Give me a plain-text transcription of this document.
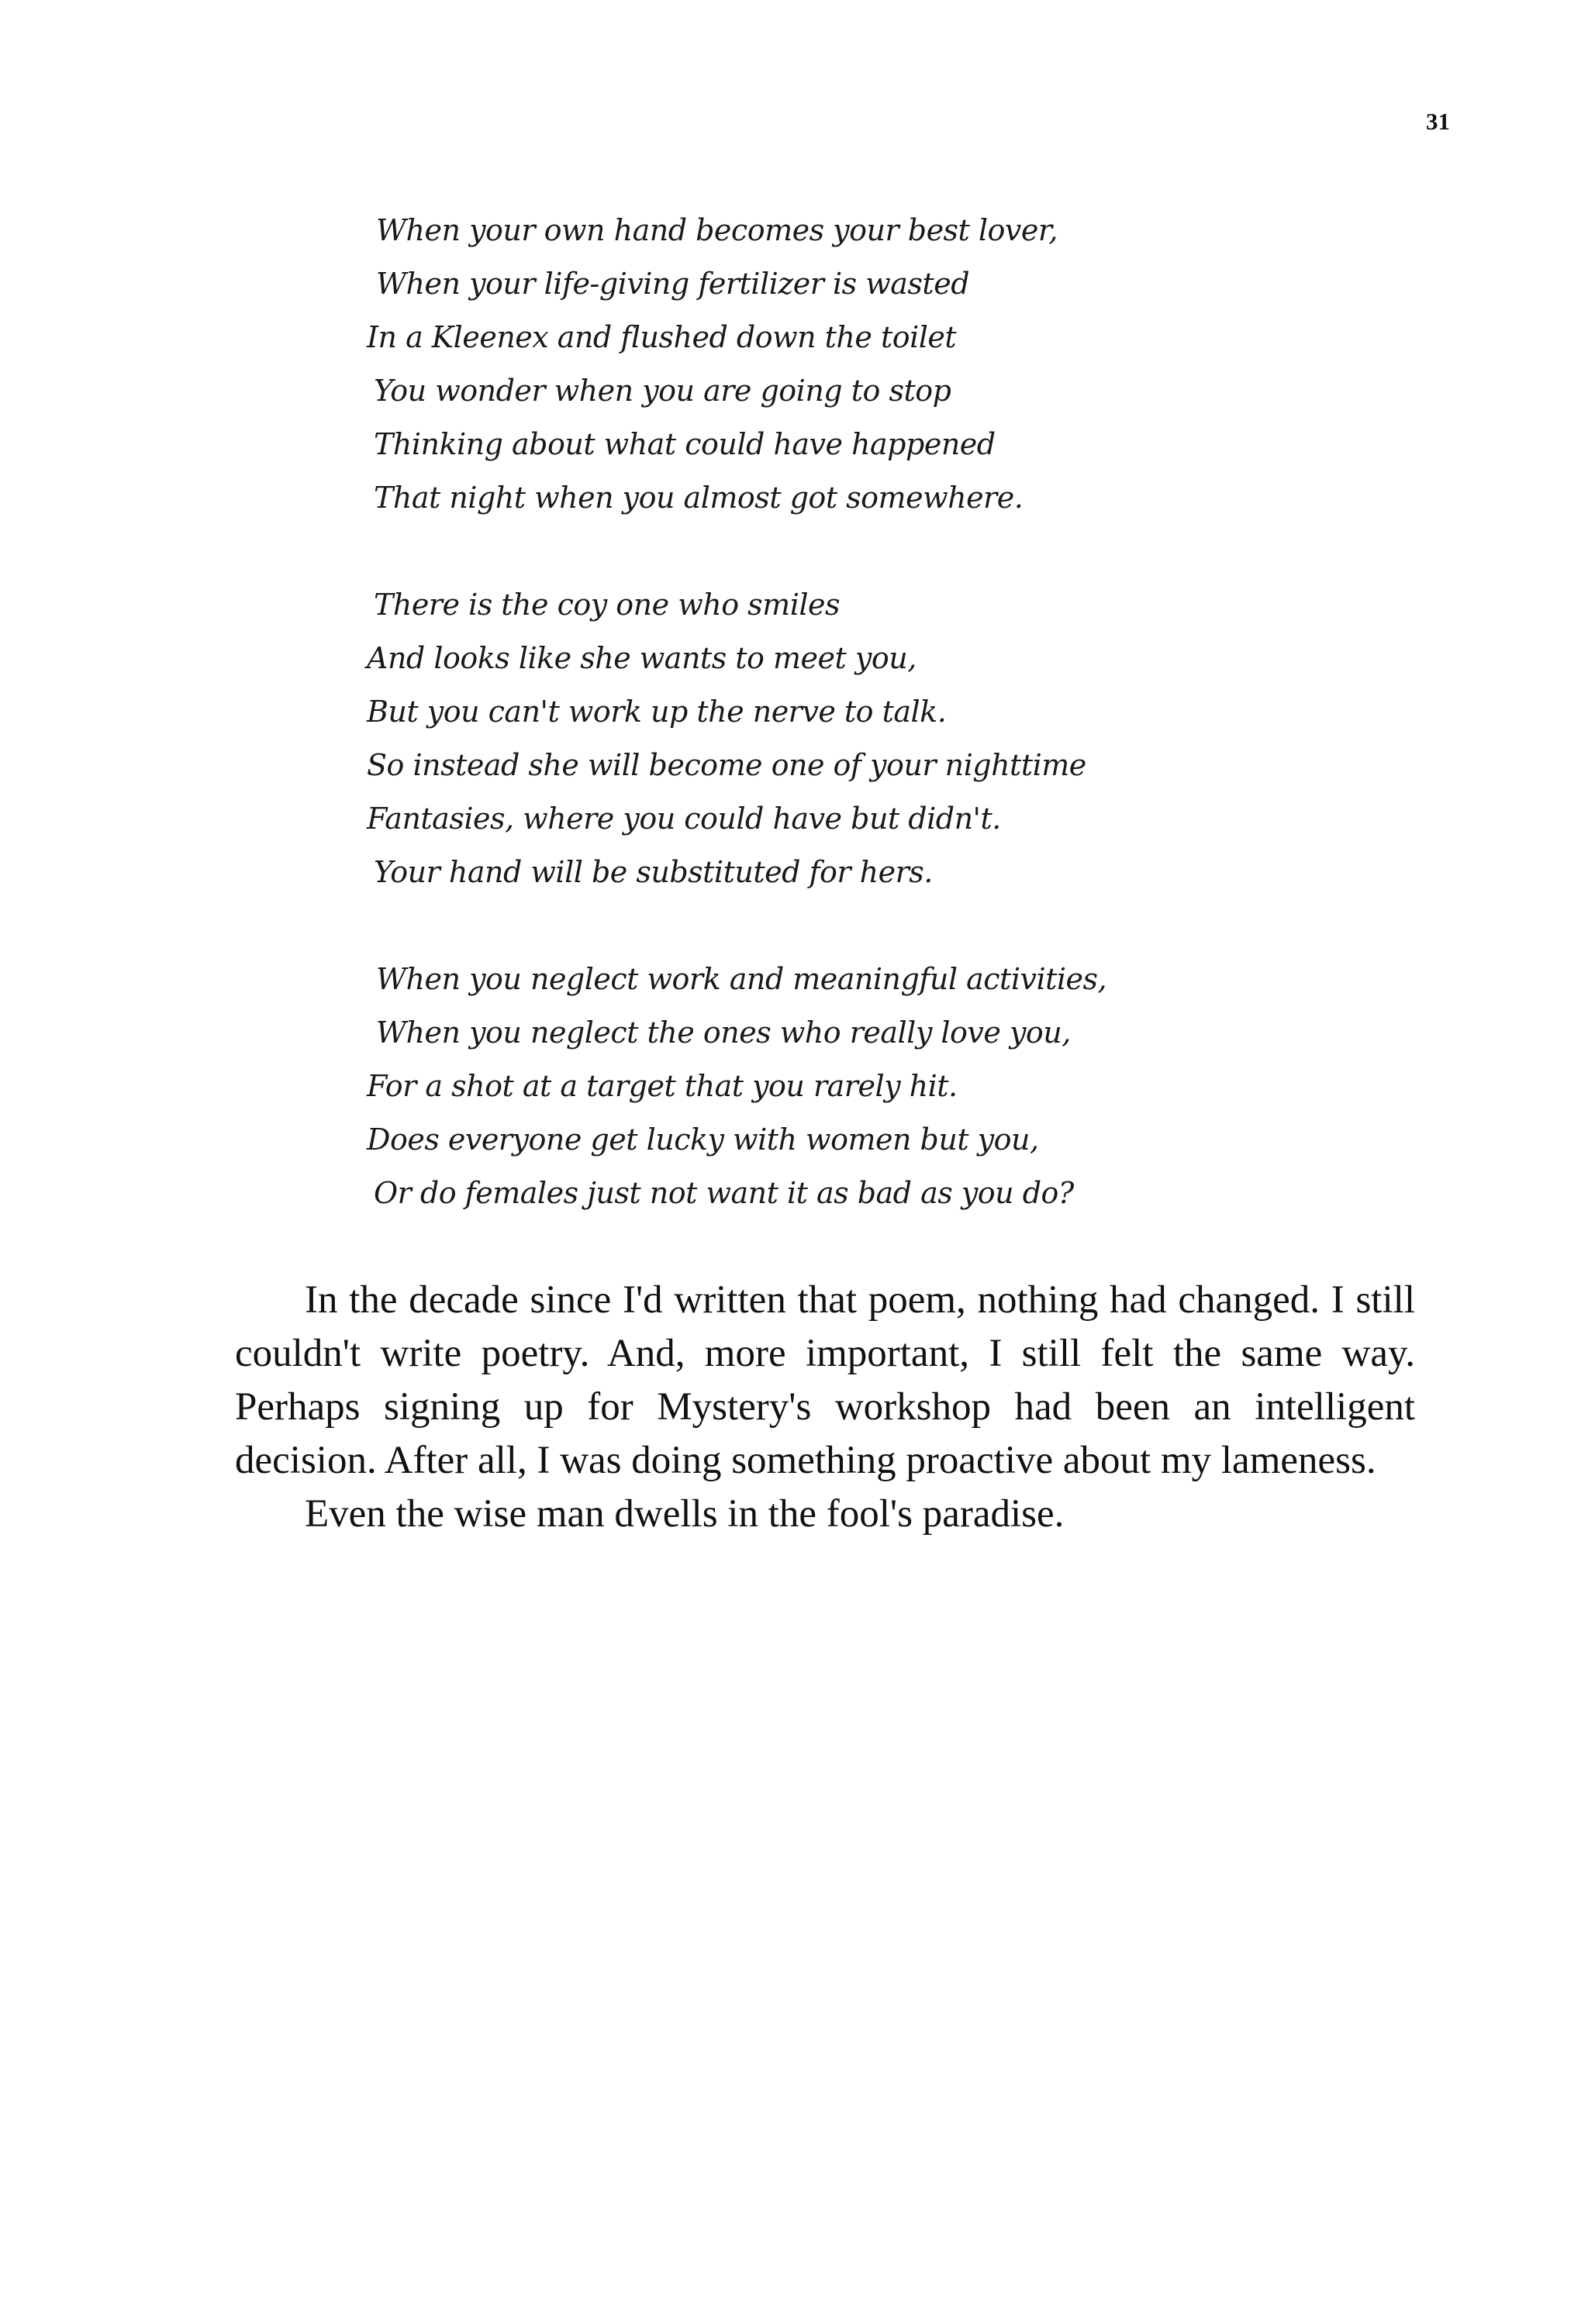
31
When your own hand becomes your best lover,
When your life-giving fertilizer is wasted
In a Kleenex and flushed down the toilet
You wonder when you are going to stop
Thinking about what could have happened
That night when you almost got somewhere.
There is the coy one who smiles
And looks like she wants to meet you,
But you can't work up the nerve to talk.
So instead she will become one of your nighttime
Fantasies, where you could have but didn't.
Your hand will be substituted for hers.
When you neglect work and meaningful activities,
When you neglect the ones who really love you,
For a shot at a target that you rarely hit.
Does everyone get lucky with women but you,
Or do females just not want it as bad as you do?

In the decade since I'd written that poem, nothing had changed. I still couldn't write poetry. And, more important, I still felt the same way. Perhaps signing up for Mystery's workshop had been an intelligent decision. After all, I was doing something proactive about my lameness.

Even the wise man dwells in the fool's paradise.
